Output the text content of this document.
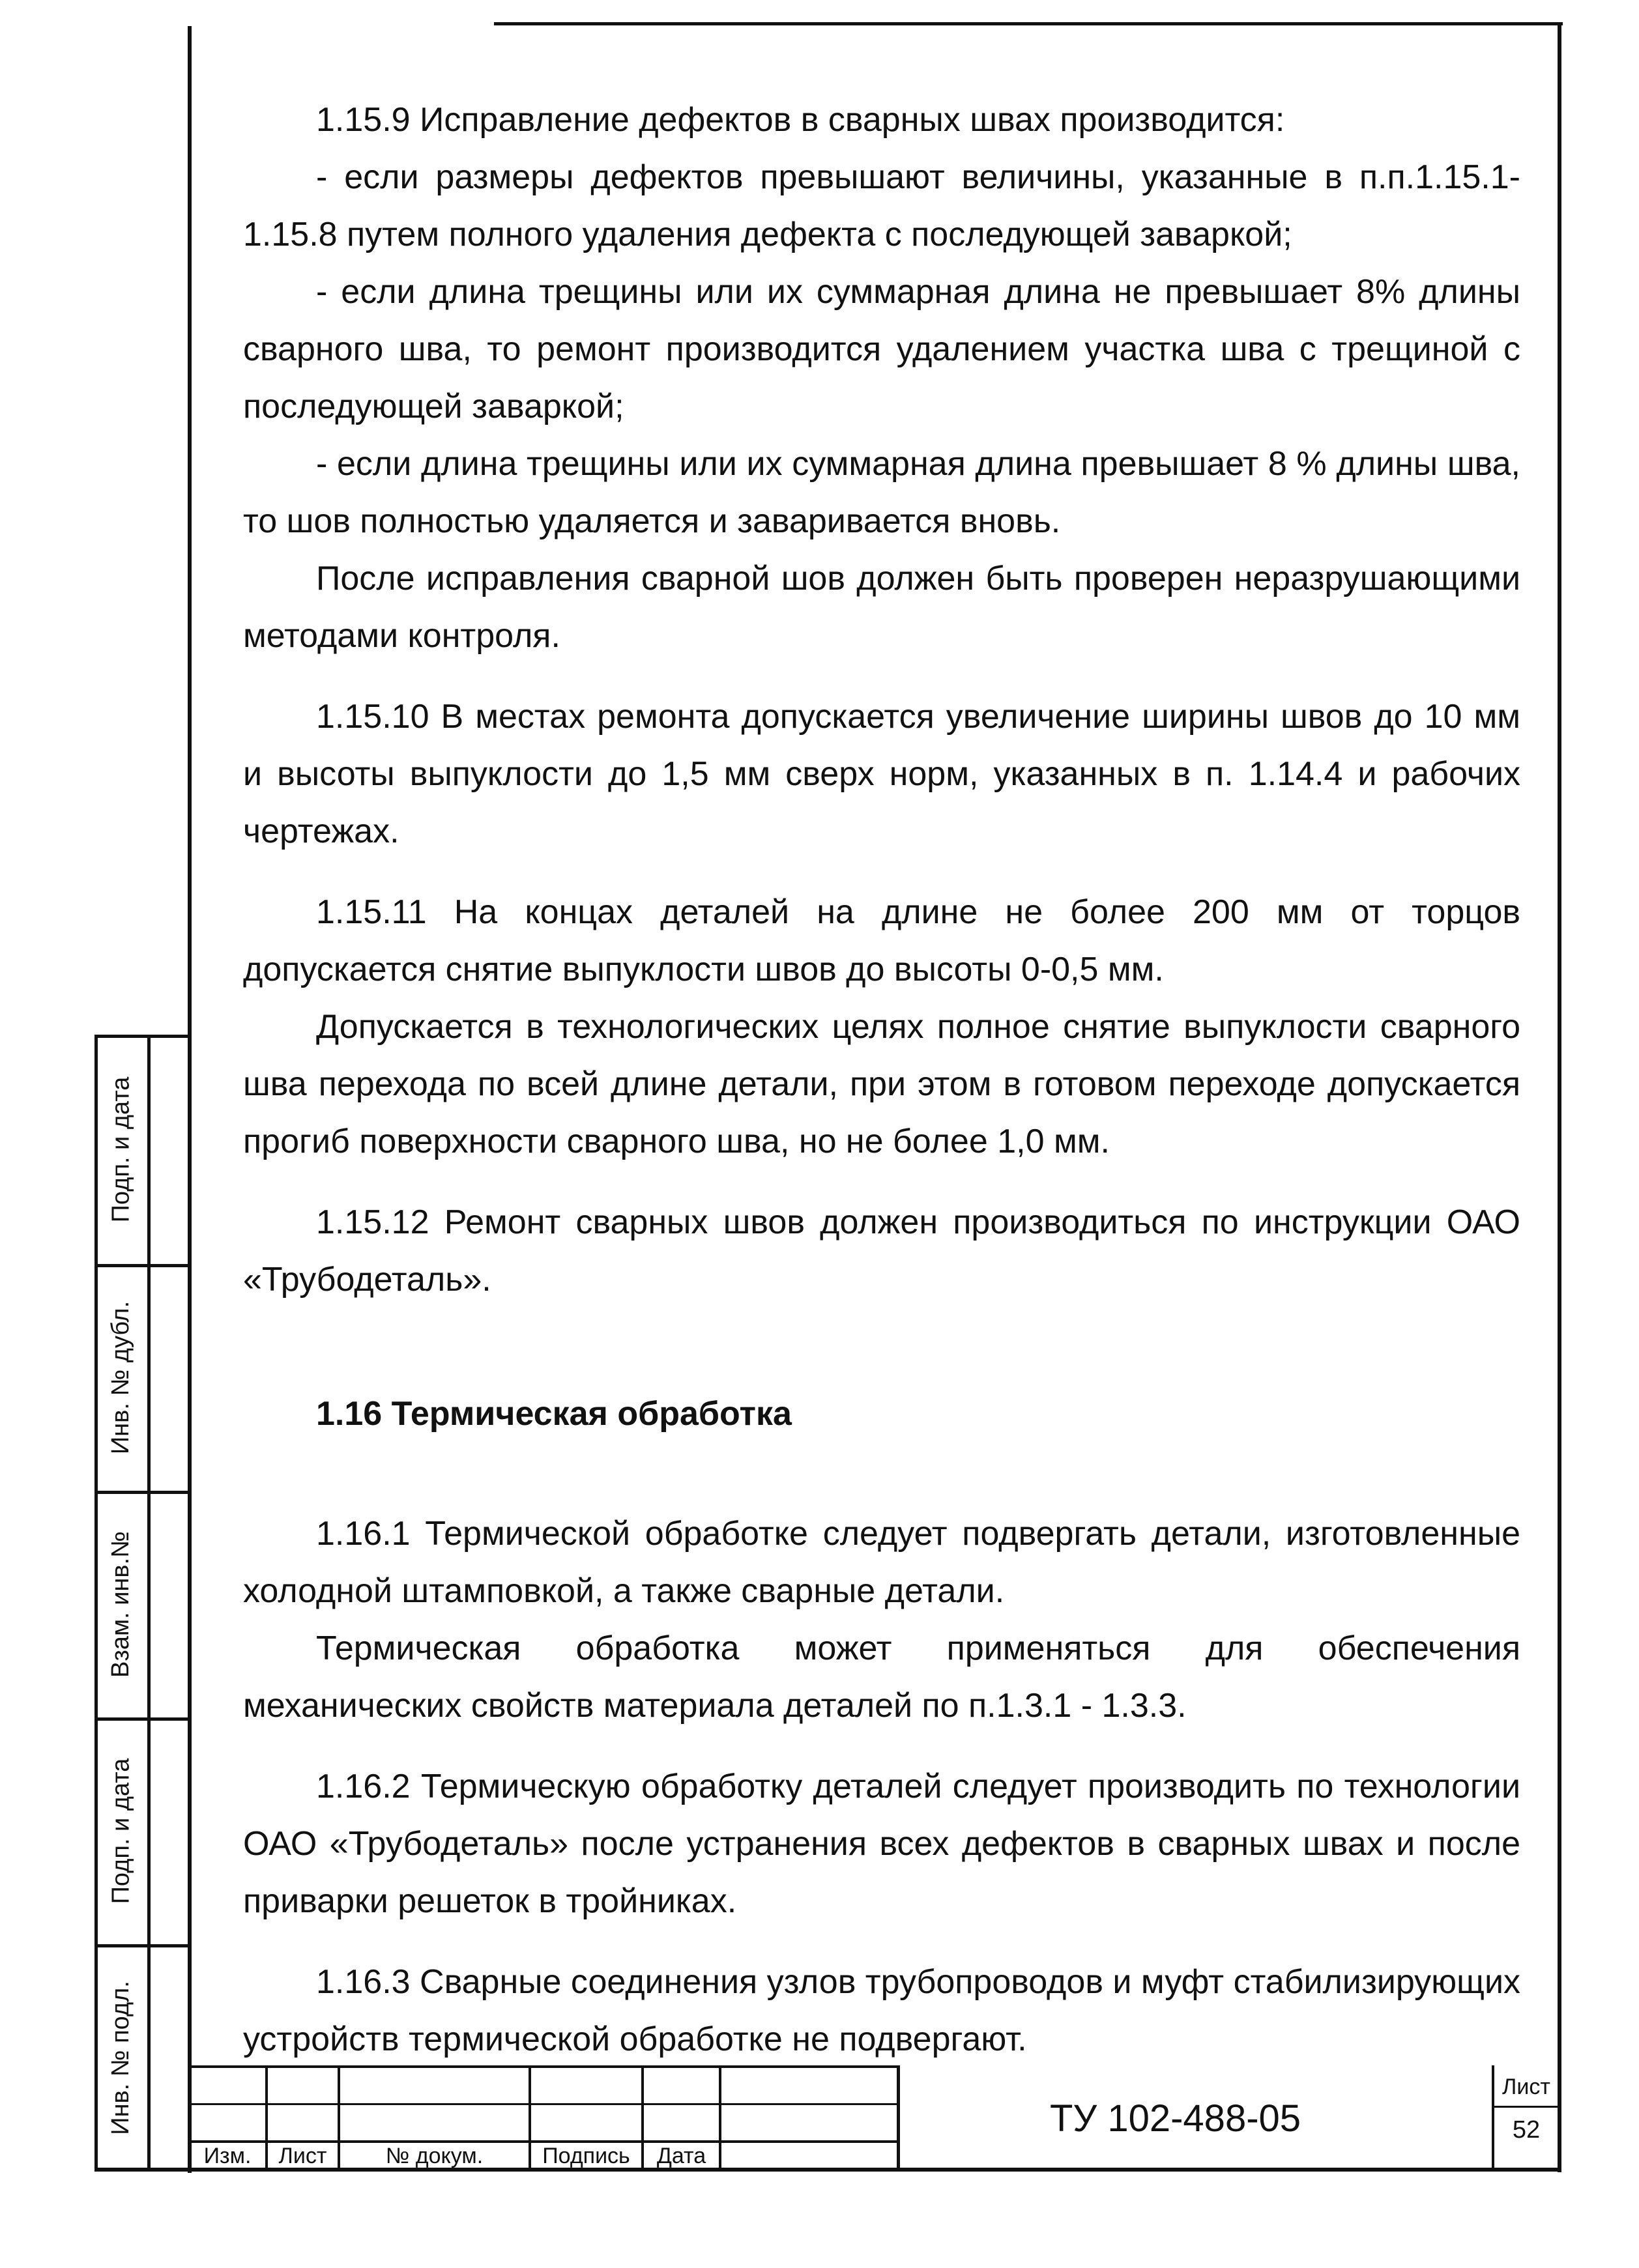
1.15.9 Исправление дефектов в сварных швах производится:

- если размеры дефектов превышают величины, указанные в п.п.1.15.1-1.15.8 путем полного удаления дефекта с последующей заваркой;

- если длина трещины или их суммарная длина не превышает 8% длины сварного шва, то ремонт производится удалением участка шва с трещиной с последующей заваркой;

- если длина трещины или их суммарная длина превышает 8 % длины шва, то шов полностью удаляется и заваривается вновь.

После исправления сварной шов должен быть проверен неразрушающими методами контроля.

1.15.10 В местах ремонта допускается увеличение ширины швов до 10 мм и высоты выпуклости до 1,5 мм сверх норм, указанных в п. 1.14.4 и рабочих чертежах.

1.15.11 На концах деталей на длине не более 200 мм от торцов допускается снятие выпуклости швов до высоты 0-0,5 мм.

Допускается в технологических целях полное снятие выпуклости сварного шва перехода по всей длине детали, при этом в готовом переходе допускается прогиб поверхности сварного шва, но не более 1,0 мм.

1.15.12 Ремонт сварных швов должен производиться по инструкции ОАО «Трубодеталь».

1.16 Термическая обработка

1.16.1 Термической обработке следует подвергать детали, изготовленные холодной штамповкой, а также сварные детали.

Термическая обработка может применяться для обеспечения механических свойств материала деталей по п.1.3.1 - 1.3.3.

1.16.2 Термическую обработку деталей следует производить по технологии ОАО «Трубодеталь» после устранения всех дефектов в сварных швах и после приварки решеток в тройниках.

1.16.3 Сварные соединения узлов трубопроводов и муфт стабилизирующих устройств термической обработке не подвергают.

Подп. и дата
Инв. № дубл.
Взам. инв.№
Подп. и дата
Инв. № подл.
Изм.	Лист	№ докум.	Подпись	Дата
ТУ 102-488-05
Лист
52
